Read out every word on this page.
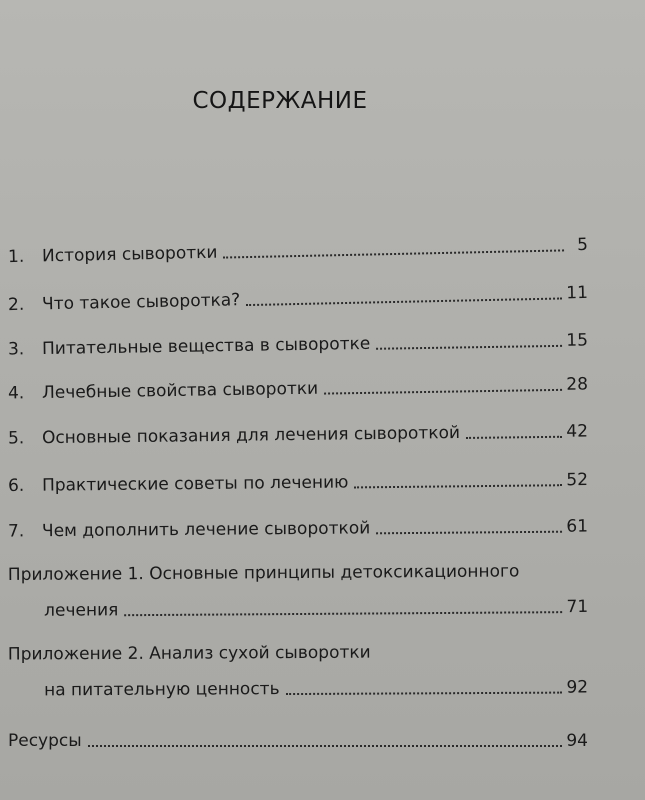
СОДЕРЖАНИЕ
1.	История сыворотки	5
2.	Что такое сыворотка?	11
3.	Питательные вещества в сыворотке	15
4.	Лечебные свойства сыворотки	28
5.	Основные показания для лечения сывороткой	42
6.	Практические советы по лечению	52
7.	Чем дополнить лечение сывороткой	61
Приложение 1. Основные принципы детоксикационного
лечения	71
Приложение 2. Анализ сухой сыворотки
на питательную ценность	92
Ресурсы	94
